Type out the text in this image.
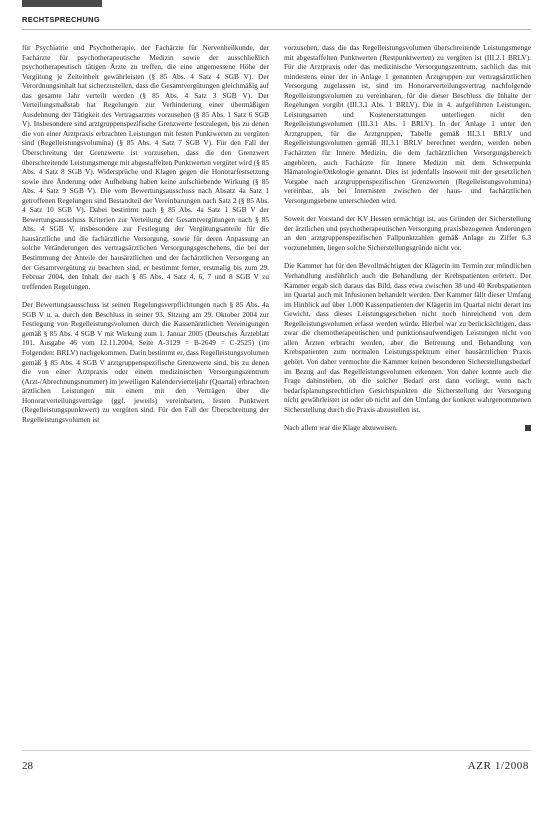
RECHTSPRECHUNG

für Psychiatrie und Psychotherapie, der Fachärzte für Nervenheilkunde, der Fachärzte für psychotherapeutische Medizin sowie der ausschließlich psychotherapeutisch tätigen Ärzte zu treffen, die eine angemessene Höhe der Vergütung je Zeiteinheit gewährleisten (§ 85 Abs. 4 Satz 4 SGB V). Der Verordnungsinhalt hat sicherzustellen, dass die Gesamtvergütungen gleichmäßig auf das gesamte Jahr verteilt werden (§ 85 Abs. 4 Satz 3 SGB V). Der Verteilungsmaßstab hat Regelungen zur Verhinderung einer übermäßigen Ausdehnung der Tätigkeit des Vertragsarztes vorzusehen (§ 85 Abs. 1 Satz 6 SGB V). Insbesondere sind arztgruppenspezifische Grenzwerte festzulegen, bis zu denen die von einer Arztpraxis erbrachten Leistungen mit festen Punktwerten zu vergüten sind (Regelleistungsvolumina) (§ 85 Abs. 4 Satz 7 SGB V). Für den Fall der Überschreitung der Grenzwerte ist vorzusehen, dass die den Grenzwert überschreitende Leistungsmenge mit abgestaffelten Punktwerten vergütet wird (§ 85 Abs. 4 Satz 8 SGB V). Widersprüche und Klagen gegen die Honorarfestsetzung sowie ihre Änderung oder Aufhebung haben keine aufschiebende Wirkung (§ 85 Abs. 4 Satz 9 SGB V). Die vom Bewertungsausschuss nach Absatz 4a Satz 1 getroffenen Regelungen sind Bestandteil der Vereinbarungen nach Satz 2 (§ 85 Abs. 4 Satz 10 SGB V). Dabei bestimmt nach § 85 Abs. 4a Satz 1 SGB V der Bewertungsausschuss Kriterien zur Verteilung der Gesamtvergütungen nach § 85 Abs. 4 SGB V, insbesondere zur Festlegung der Vergütungsanteile für die hausärztliche und die fachärztliche Versorgung, sowie für deren Anpassung an solche Veränderungen des vertragsärztlichen Versorgungsgeschehens, die bei der Bestimmung der Anteile der hausärztlichen und der fachärztlichen Versorgung an der Gesamtvergütung zu beachten sind, er bestimmt ferner, erstmalig bis zum 29. Februar 2004, den Inhalt der nach § 85 Abs. 4 Satz 4, 6, 7 und 8 SGB V zu treffenden Regelungen.

Der Bewertungsausschuss ist seinen Regelungsverpflichtungen nach § 85 Abs. 4a SGB V u. a. durch den Beschluss in seiner 93. Sitzung am 29. Oktober 2004 zur Festlegung von Regelleistungsvolumen durch die Kassenärztlichen Vereinigungen gemäß § 85 Abs. 4 SGB V mit Wirkung zum 1. Januar 2005 (Deutsches Ärzteblatt 101, Ausgabe 46 vom 12.11.2004, Seite A-3129 = B-2649 = C-2525) (im Folgenden: BRLV) nachgekommen. Darin bestimmt er, dass Regelleistungsvolumen gemäß § 85 Abs. 4 SGB V arztgruppenspezifische Grenzwerte sind, bis zu denen die von einer Arztpraxis oder einem medizinischen Versorgungszentrum (Arzt-/Abrechnungsnummer) im jeweiligen Kalendervierteljahr (Quartal) erbrachten ärztlichen Leistungen mit einem mit den Verträgen über die Honorarverteilungsverträge (ggf. jeweils) vereinbarten, festen Punktwert (Regelleistungspunktwert) zu vergüten sind. Für den Fall der Überschreitung der Regelleistungsvolumen ist

vorzusehen, dass die das Regelleistungsvolumen überschreitende Leistungsmenge mit abgestaffelten Punktwerten (Restpunktwerten) zu vergüten ist (III.2.1 BRLV). Für die Arztpraxis oder das medizinische Versorgungszentrum, sachlich das mit mindestens einer der in Anlage 1 genannten Arztgruppen zur vertragsärztlichen Versorgung zugelassen ist, sind im Honorarverteilungsvertrag nachfolgende Regelleistungsvolumen zu vereinbaren, für die dieser Beschluss die Inhalte der Regelungen vorgibt (III.3.1 Abs. 1 BRLV). Die in 4. aufgeführten Leistungen, Leistungsarten und Kostenerstattungen unterliegen nicht den Regelleistungsvolumen (III.3.1 Abs. 1 BRLV). In der Anlage 1 unter den Arztgruppen, für die Arztgruppen, Tabelle gemäß III.3.1 BRLV und Regelleistungsvolumen gemäß III.3.1 BRLV berechnet werden, werden neben Fachärzten für Innere Medizin, die dem fachärztlichen Versorgungsbereich angehören, auch Fachärzte für Innere Medizin mit dem Schwerpunkt Hämatologie/Onkologie genannt. Dies ist jedenfalls insoweit mit der gesetzlichen Vorgabe nach arztgruppenspezifischen Grenzwerten (Regelleistungsvolumina) vereinbar, als bei Internisten zwischen der haus- und fachärztlichen Versorgungsebene unterschieden wird.

Soweit der Vorstand der KV Hessen ermächtigt ist, aus Gründen der Sicherstellung der ärztlichen und psychotherapeutischen Versorgung praxisbezogenen Änderungen an den arztgruppenspezifischen Fallpunktzahlen gemäß Anlage zu Ziffer 6.3 vorzunehmen, liegen solche Sicherstellungsgründe nicht vor.

Die Kammer hat für den Bevollmächtigten der Klägerin im Termin zur mündlichen Verhandlung ausführlich auch die Behandlung der Krebspatienten erörtert. Der Kammer ergab sich daraus das Bild, dass etwa zwischen 38 und 40 Krebspatienten im Quartal auch mit Infusionen behandelt werden. Der Kammer fällt dieser Umfang im Hinblick auf über 1.000 Kassenpatienten der Klägerin im Quartal nicht derart ins Gewicht, dass dieses Leistungsgeschehen nicht noch hinreichend von dem Regelleistungsvolumen erfasst werden würde. Hierbei war zu berücksichtigen, dass zwar die chemotherapeutischen und punktionsaufwendigen Leistungen nicht von allen Ärzten erbracht werden, aber die Betreuung und Behandlung von Krebspatienten zum normalen Leistungsspektrum einer hausärztlichen Praxis gehört. Von daher vermochte die Kammer keinen besonderen Sicherstellungsbedarf im Bezug auf das Regelleistungsvolumen erkennen. Von daher konnte auch die Frage dahinstehen, ob die solcher Bedarf erst dann vorliegt, wenn nach bedarfsplanungsrechtlichen Gesichtspunkten die Sicherstellung der Versorgung nicht gewährleistet ist oder ob nicht auf den Umfang der konkret wahrgenommenen Sicherstellung durch die Praxis abzustellen ist.

Nach allem war die Klage abzuweisen.

28	AZR 1/2008
